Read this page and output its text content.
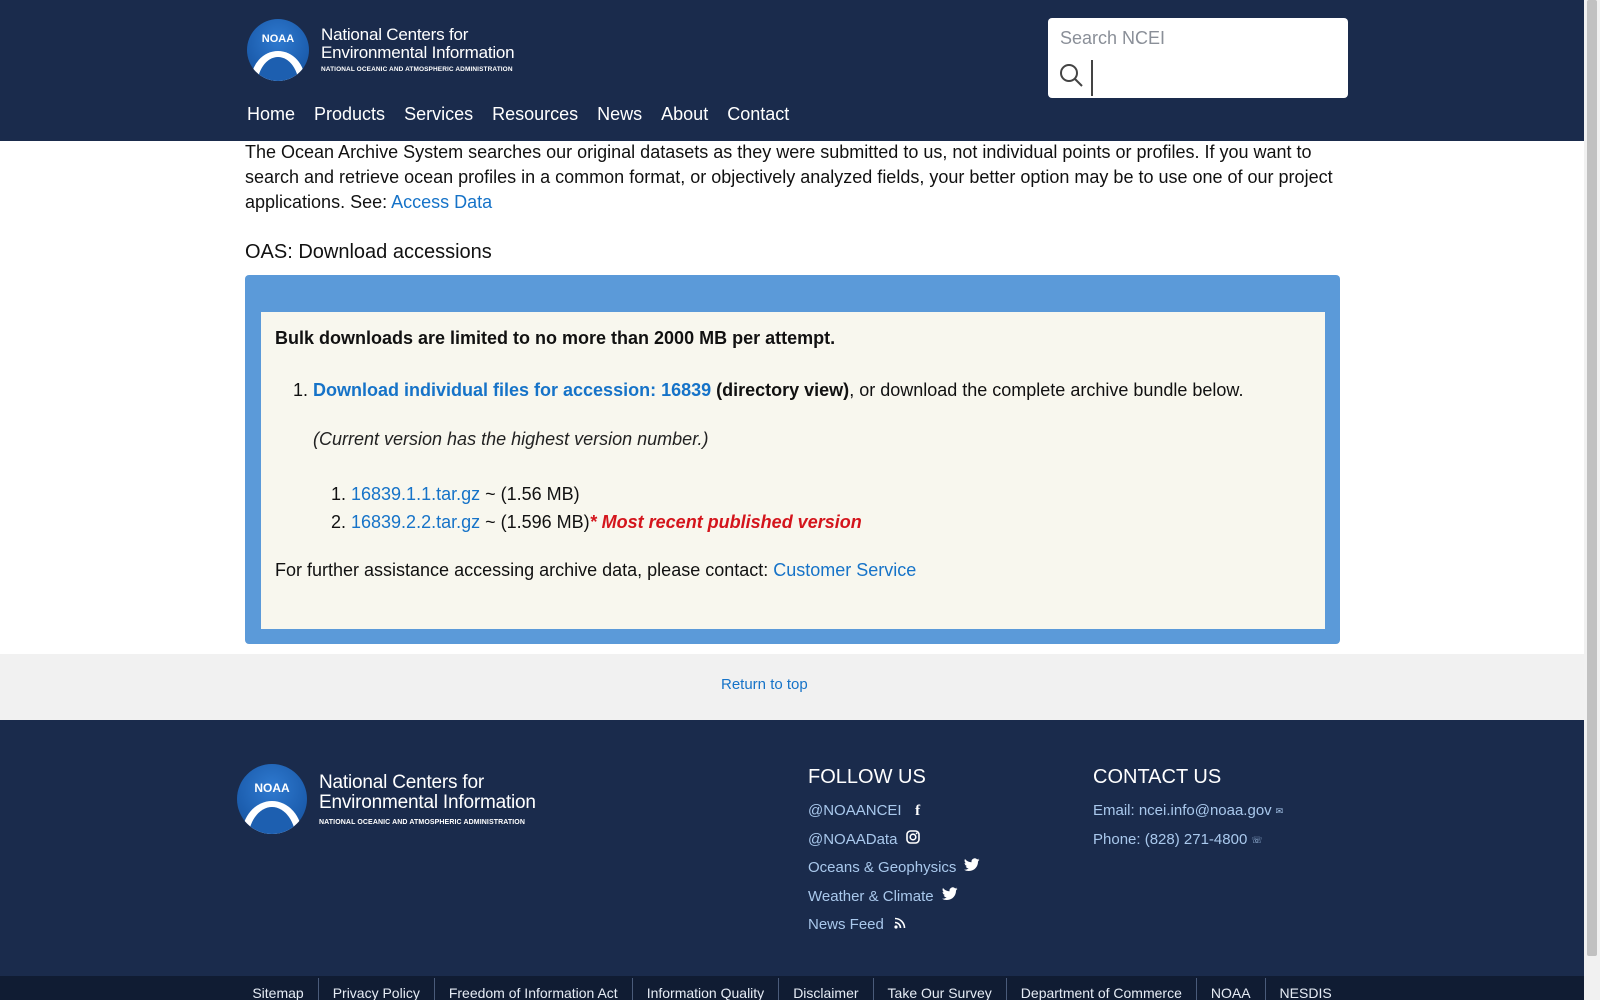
NOAA	National Centers for
Environmental Information
NATIONAL OCEANIC AND ATMOSPHERIC ADMINISTRATION
Search NCEI
Home Products Services Resources News About Contact

The Ocean Archive System searches our original datasets as they were submitted to us, not individual points or profiles. If you want to search and retrieve ocean profiles in a common format, or objectively analyzed fields, your better option may be to use one of our project applications. See: Access Data

OAS: Download accessions
Bulk downloads are limited to no more than 2000 MB per attempt.
1. Download individual files for accession: 16839 (directory view), or download the complete archive bundle below.
(Current version has the highest version number.)
1. 16839.1.1.tar.gz ~ (1.56 MB)
2. 16839.2.2.tar.gz ~ (1.596 MB)* Most recent published version
For further assistance accessing archive data, please contact: Customer Service
Return to top
NOAA	National Centers for
Environmental Information
NATIONAL OCEANIC AND ATMOSPHERIC ADMINISTRATION
FOLLOW US
@NOAANCEI f
@NOAAData
Oceans & Geophysics
Weather & Climate
News Feed
CONTACT US
Email: ncei.info@noaa.gov ✉
Phone: (828) 271-4800 ☏
Sitemap	Privacy Policy	Freedom of Information Act	Information Quality	Disclaimer	Take Our Survey	Department of Commerce	NOAA	NESDIS
